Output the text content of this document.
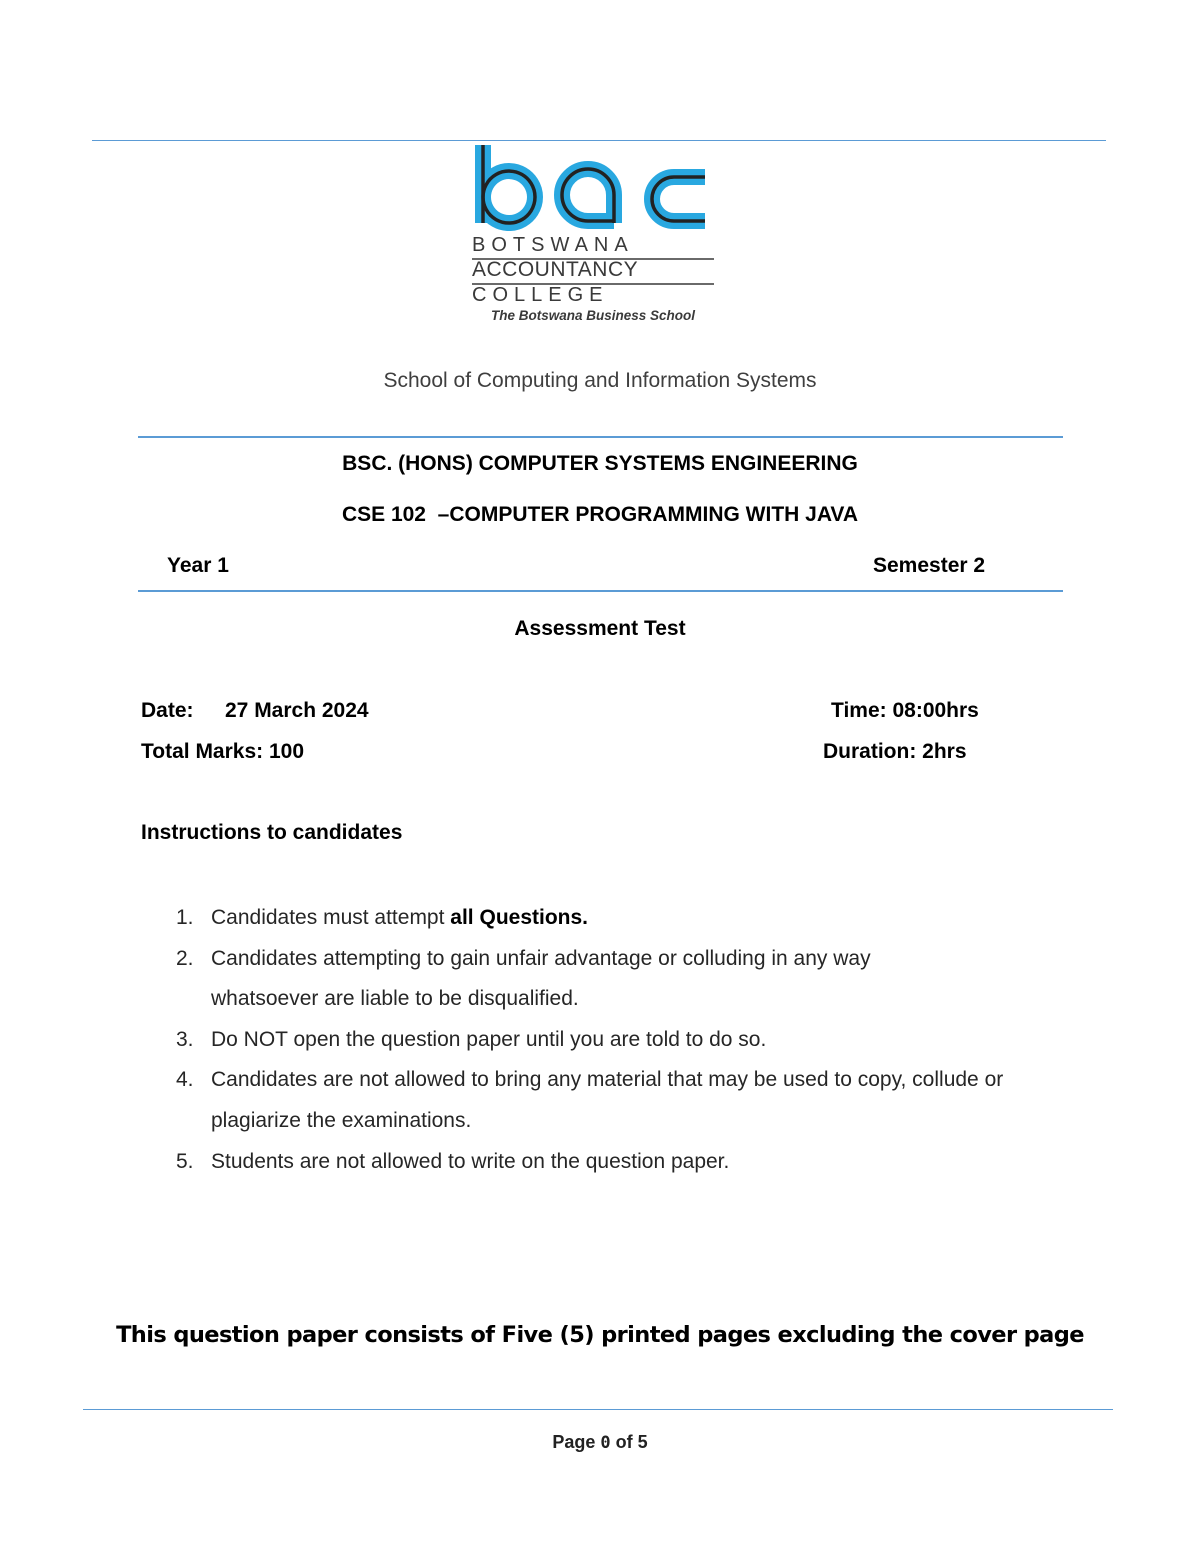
BOTSWANA
ACCOUNTANCY
COLLEGE
The Botswana Business School
School of Computing and Information Systems
BSC. (HONS) COMPUTER SYSTEMS ENGINEERING
CSE 102  –COMPUTER PROGRAMMING WITH JAVA
Year 1	Semester 2
Assessment Test
Date: 27 March 2024	Time: 08:00hrs
Total Marks: 100	Duration: 2hrs
Instructions to candidates
1. Candidates must attempt all Questions.
2. Candidates attempting to gain unfair advantage or colluding in any way whatsoever are liable to be disqualified.
3. Do NOT open the question paper until you are told to do so.
4. Candidates are not allowed to bring any material that may be used to copy, collude or plagiarize the examinations.
5. Students are not allowed to write on the question paper.
This question paper consists of Five (5) printed pages excluding the cover page
Page 0 of 5
